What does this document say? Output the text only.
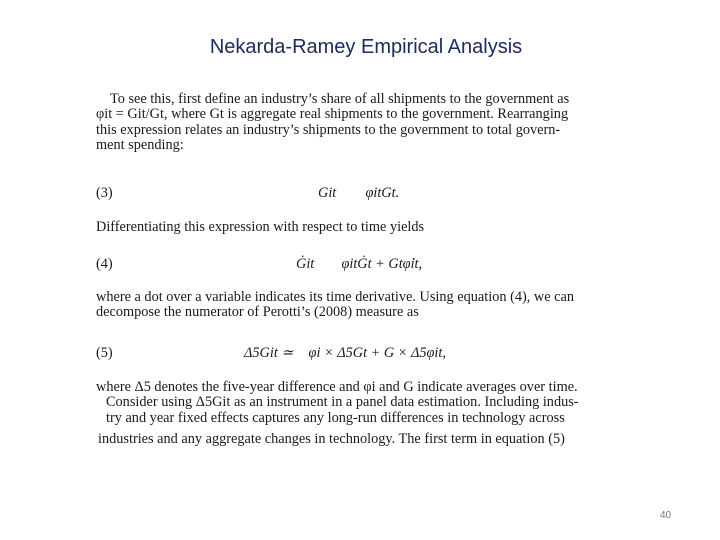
Nekarda-Ramey Empirical Analysis
To see this, first define an industry’s share of all shipments to the government as
φit = Git/Gt, where Gt is aggregate real shipments to the government. Rearranging
this expression relates an industry’s shipments to the government to total govern-
ment spending:
(3)	Git φitGt.
Differentiating this expression with respect to time yields
(4)	Ġit φitĠt + Gtφ̇it,
where a dot over a variable indicates its time derivative. Using equation (4), we can
decompose the numerator of Perotti’s (2008) measure as
(5)	Δ5Git ≃ φi × Δ5Gt + G × Δ5φit,
where Δ5 denotes the five-year difference and φi and G indicate averages over time.
Consider using Δ5Git as an instrument in a panel data estimation. Including indus-
try and year fixed effects captures any long-run differences in technology across
industries and any aggregate changes in technology. The first term in equation (5)
40
